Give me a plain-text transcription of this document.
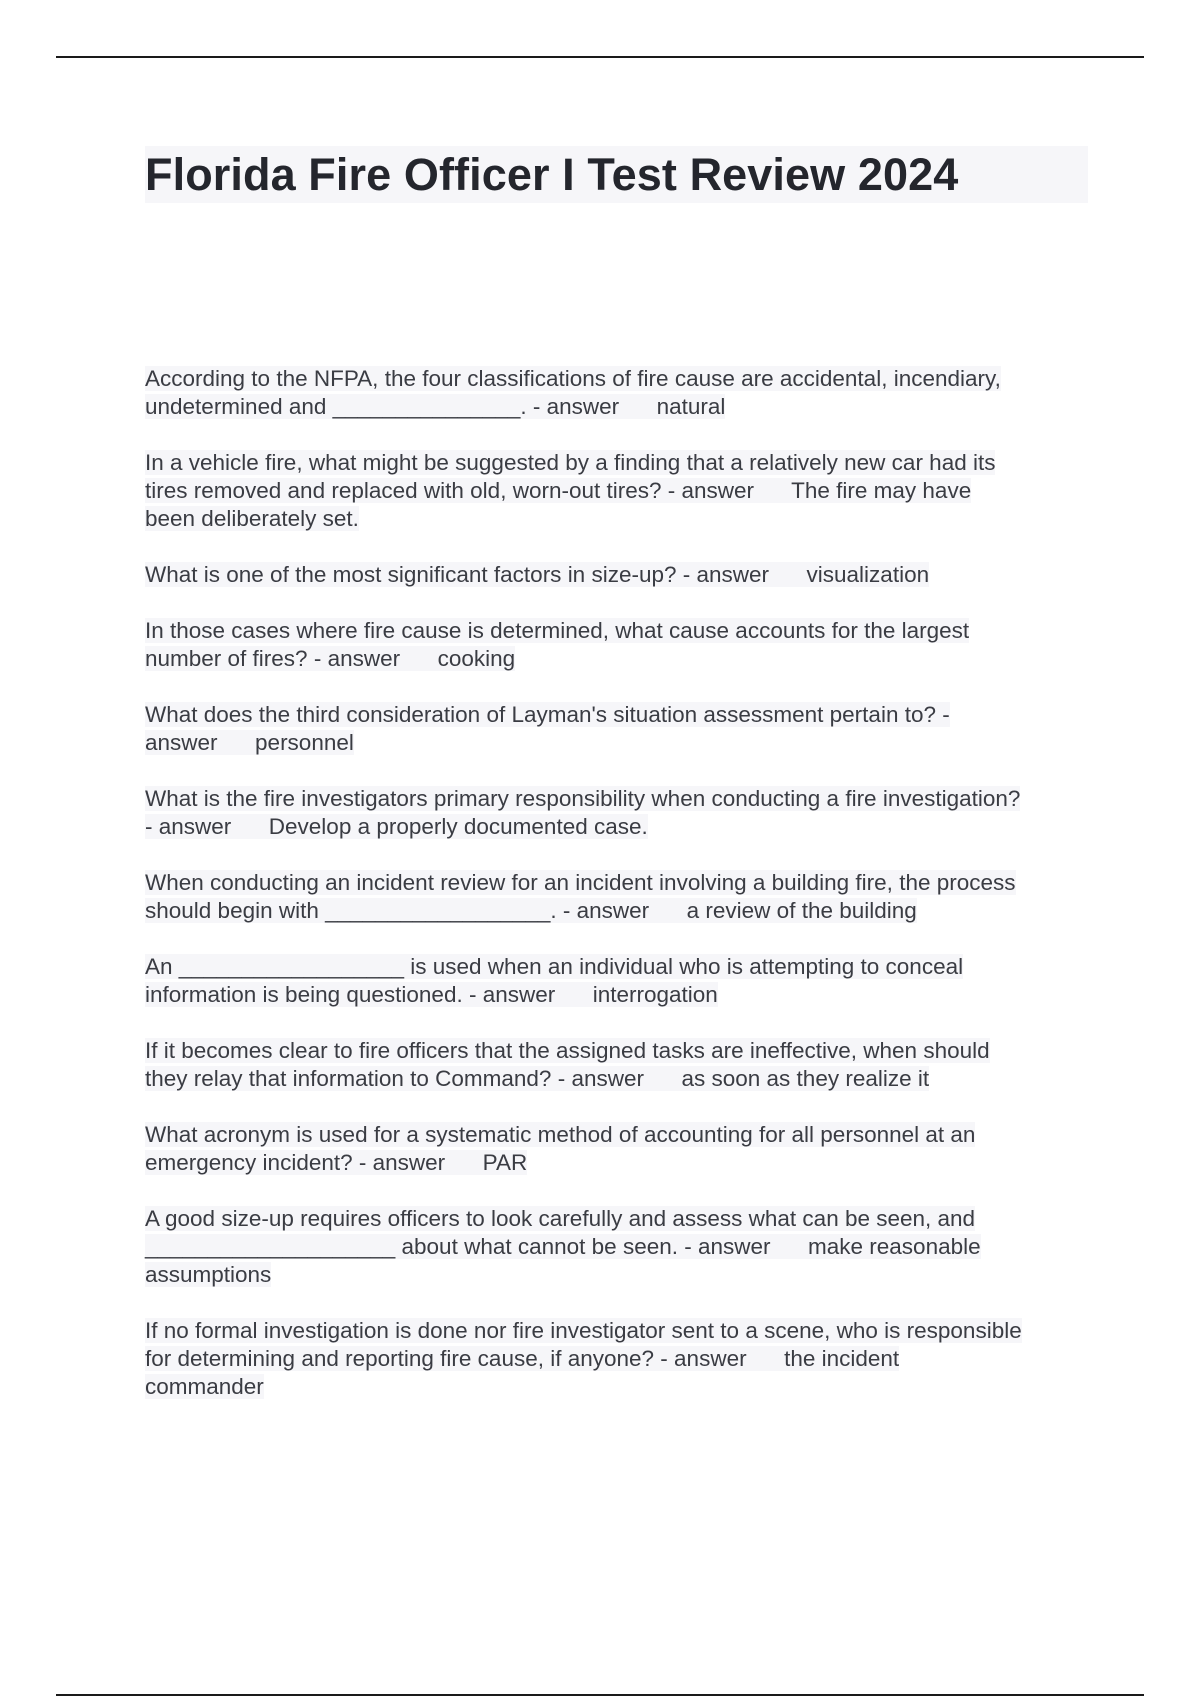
Florida Fire Officer I Test Review 2024

According to the NFPA, the four classifications of fire cause are accidental, incendiary,
undetermined and _______________. - answer      natural

In a vehicle fire, what might be suggested by a finding that a relatively new car had its
tires removed and replaced with old, worn-out tires? - answer      The fire may have
been deliberately set.

What is one of the most significant factors in size-up? - answer      visualization

In those cases where fire cause is determined, what cause accounts for the largest
number of fires? - answer      cooking

What does the third consideration of Layman's situation assessment pertain to? -
answer      personnel

What is the fire investigators primary responsibility when conducting a fire investigation?
- answer      Develop a properly documented case.

When conducting an incident review for an incident involving a building fire, the process
should begin with __________________. - answer      a review of the building

An __________________ is used when an individual who is attempting to conceal
information is being questioned. - answer      interrogation

If it becomes clear to fire officers that the assigned tasks are ineffective, when should
they relay that information to Command? - answer      as soon as they realize it

What acronym is used for a systematic method of accounting for all personnel at an
emergency incident? - answer      PAR

A good size-up requires officers to look carefully and assess what can be seen, and
____________________ about what cannot be seen. - answer      make reasonable
assumptions

If no formal investigation is done nor fire investigator sent to a scene, who is responsible
for determining and reporting fire cause, if anyone? - answer      the incident
commander
